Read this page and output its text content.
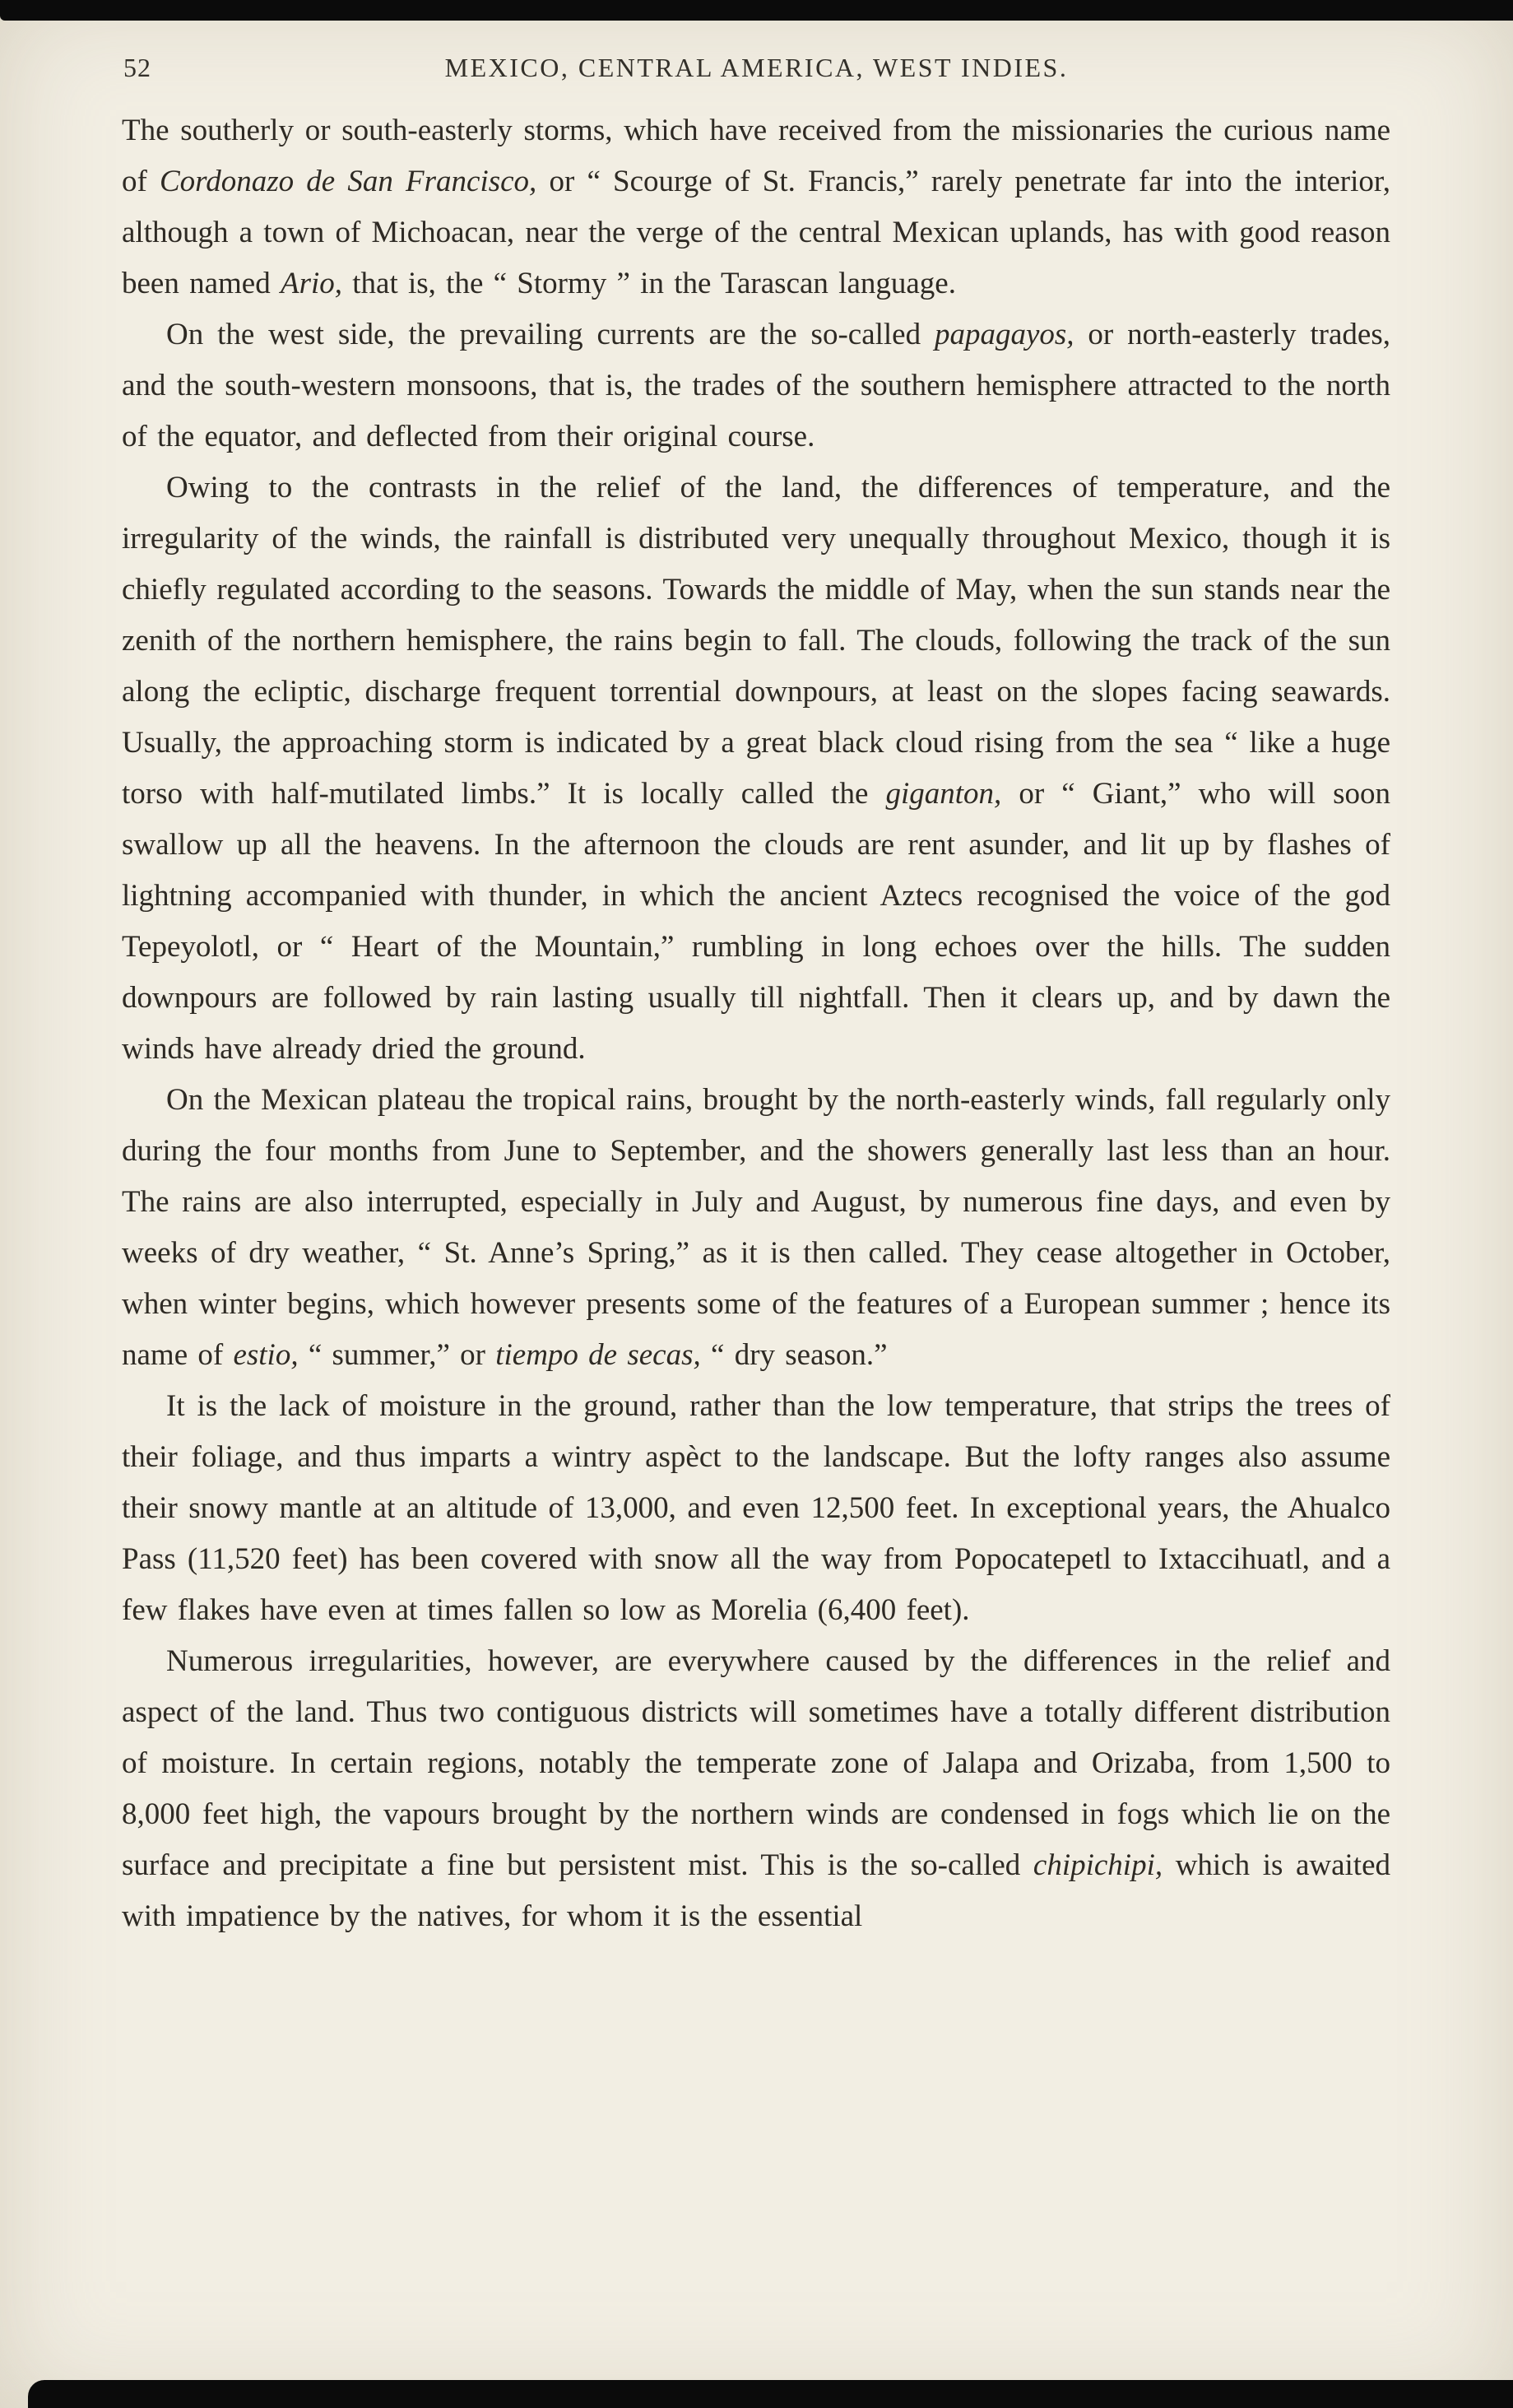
52	MEXICO, CENTRAL AMERICA, WEST INDIES.

The southerly or south-easterly storms, which have received from the missionaries the curious name of Cordonazo de San Francisco, or “ Scourge of St. Francis,” rarely penetrate far into the interior, although a town of Michoacan, near the verge of the central Mexican uplands, has with good reason been named Ario, that is, the “ Stormy ” in the Tarascan language.

On the west side, the prevailing currents are the so-called papagayos, or north-easterly trades, and the south-western monsoons, that is, the trades of the southern hemisphere attracted to the north of the equator, and deflected from their original course.

Owing to the contrasts in the relief of the land, the differences of temperature, and the irregularity of the winds, the rainfall is distributed very unequally throughout Mexico, though it is chiefly regulated according to the seasons. Towards the middle of May, when the sun stands near the zenith of the northern hemisphere, the rains begin to fall. The clouds, following the track of the sun along the ecliptic, discharge frequent torrential downpours, at least on the slopes facing seawards. Usually, the approaching storm is indicated by a great black cloud rising from the sea “ like a huge torso with half-mutilated limbs.” It is locally called the giganton, or “ Giant,” who will soon swallow up all the heavens. In the afternoon the clouds are rent asunder, and lit up by flashes of lightning accompanied with thunder, in which the ancient Aztecs recognised the voice of the god Tepeyolotl, or “ Heart of the Mountain,” rumbling in long echoes over the hills. The sudden downpours are followed by rain lasting usually till nightfall. Then it clears up, and by dawn the winds have already dried the ground.

On the Mexican plateau the tropical rains, brought by the north-easterly winds, fall regularly only during the four months from June to September, and the showers generally last less than an hour. The rains are also interrupted, especially in July and August, by numerous fine days, and even by weeks of dry weather, “ St. Anne’s Spring,” as it is then called. They cease altogether in October, when winter begins, which however presents some of the features of a European summer ; hence its name of estio, “ summer,” or tiempo de secas, “ dry season.”

It is the lack of moisture in the ground, rather than the low temperature, that strips the trees of their foliage, and thus imparts a wintry aspèct to the landscape. But the lofty ranges also assume their snowy mantle at an altitude of 13,000, and even 12,500 feet. In exceptional years, the Ahualco Pass (11,520 feet) has been covered with snow all the way from Popocatepetl to Ixtaccihuatl, and a few flakes have even at times fallen so low as Morelia (6,400 feet).

Numerous irregularities, however, are everywhere caused by the differences in the relief and aspect of the land. Thus two contiguous districts will sometimes have a totally different distribution of moisture. In certain regions, notably the temperate zone of Jalapa and Orizaba, from 1,500 to 8,000 feet high, the vapours brought by the northern winds are condensed in fogs which lie on the surface and precipitate a fine but persistent mist. This is the so-called chipichipi, which is awaited with impatience by the natives, for whom it is the essential
